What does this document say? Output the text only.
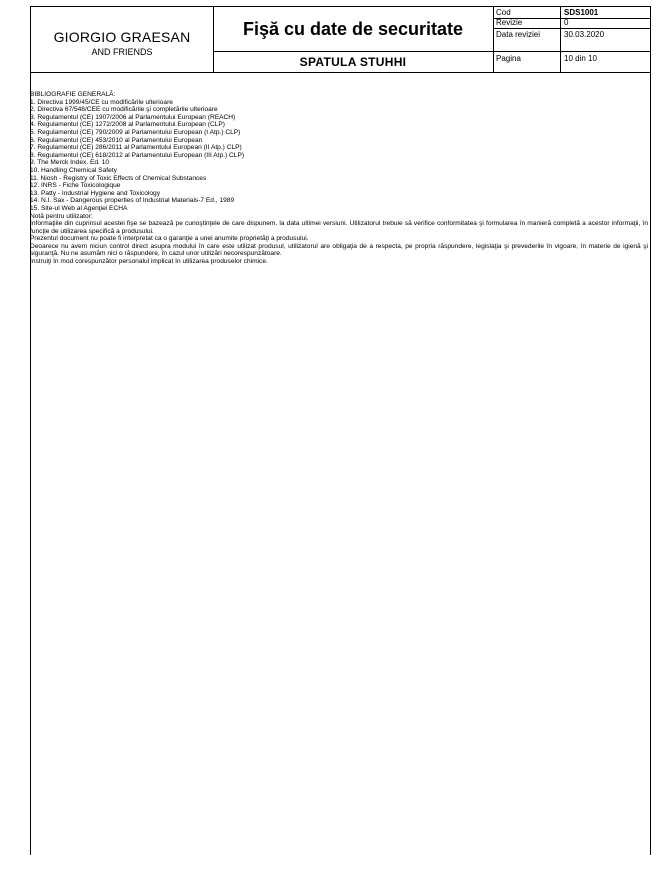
GIORGIO GRAESAN
AND FRIENDS
Fişă cu date de securitate
SPATULA STUHHI
Cod	SDS1001
Revizie	0
Data reviziei	30.03.2020
Pagina	10 din 10
BIBLIOGRAFIE GENERALĂ:
1. Directiva 1999/45/CE cu modificările ulterioare
2. Directiva 67/548/CEE cu modificările şi completările ulterioare
3. Regulamentul (CE) 1907/2006 al Parlamentului European (REACH)
4. Regulamentul (CE) 1272/2008 al Parlamentului European (CLP)
5. Regulamentul (CE) 790/2009 al Parlamentului European (I Atp.) CLP)
6. Regulamentul (CE) 453/2010 al Parlamentului European
7. Regulamentul (CE) 286/2011 al Parlamentului European (II Atp.) CLP)
8. Regulamentul (CE) 618/2012 al Parlamentului European (III Atp.) CLP)
9. The Merck Index. Ed. 10
10. Handling Chemical Safety
11. Niosh - Registry of Toxic Effects of Chemical Substances
12. INRS - Fiche Toxicologique
13. Patty - Industrial Hygiene and Toxicology
14. N.I. Sax - Dangerous properties of Industrial Materials-7 Ed., 1989
15. Site-ul Web al Agenţiei ECHA
Notă pentru utilizator:
Informaţiile din cuprinsul acestei fişe se bazează pe cunoştinţele de care dispunem, la data ultimei versiuni. Utilizatorul trebuie să verifice conformitatea şi formularea în manieră completă a acestor informaţii, în funcţie de utilizarea specifică a produsului.
Prezentul document nu poate fi interpretat ca o garanţie a unei anumite proprietăţi a produsului.
Deoarece nu avem niciun control direct asupra modului în care este utilizat produsul, utilizatorul are obligaţia de a respecta, pe propria răspundere, legislaţia şi prevederile în vigoare, în materie de igienă şi siguranţă. Nu ne asumăm nici o răspundere, în cazul unor utilizări necorespunzătoare.
Instruiţi în mod corespunzător personalul implicat în utilizarea produselor chimice.
